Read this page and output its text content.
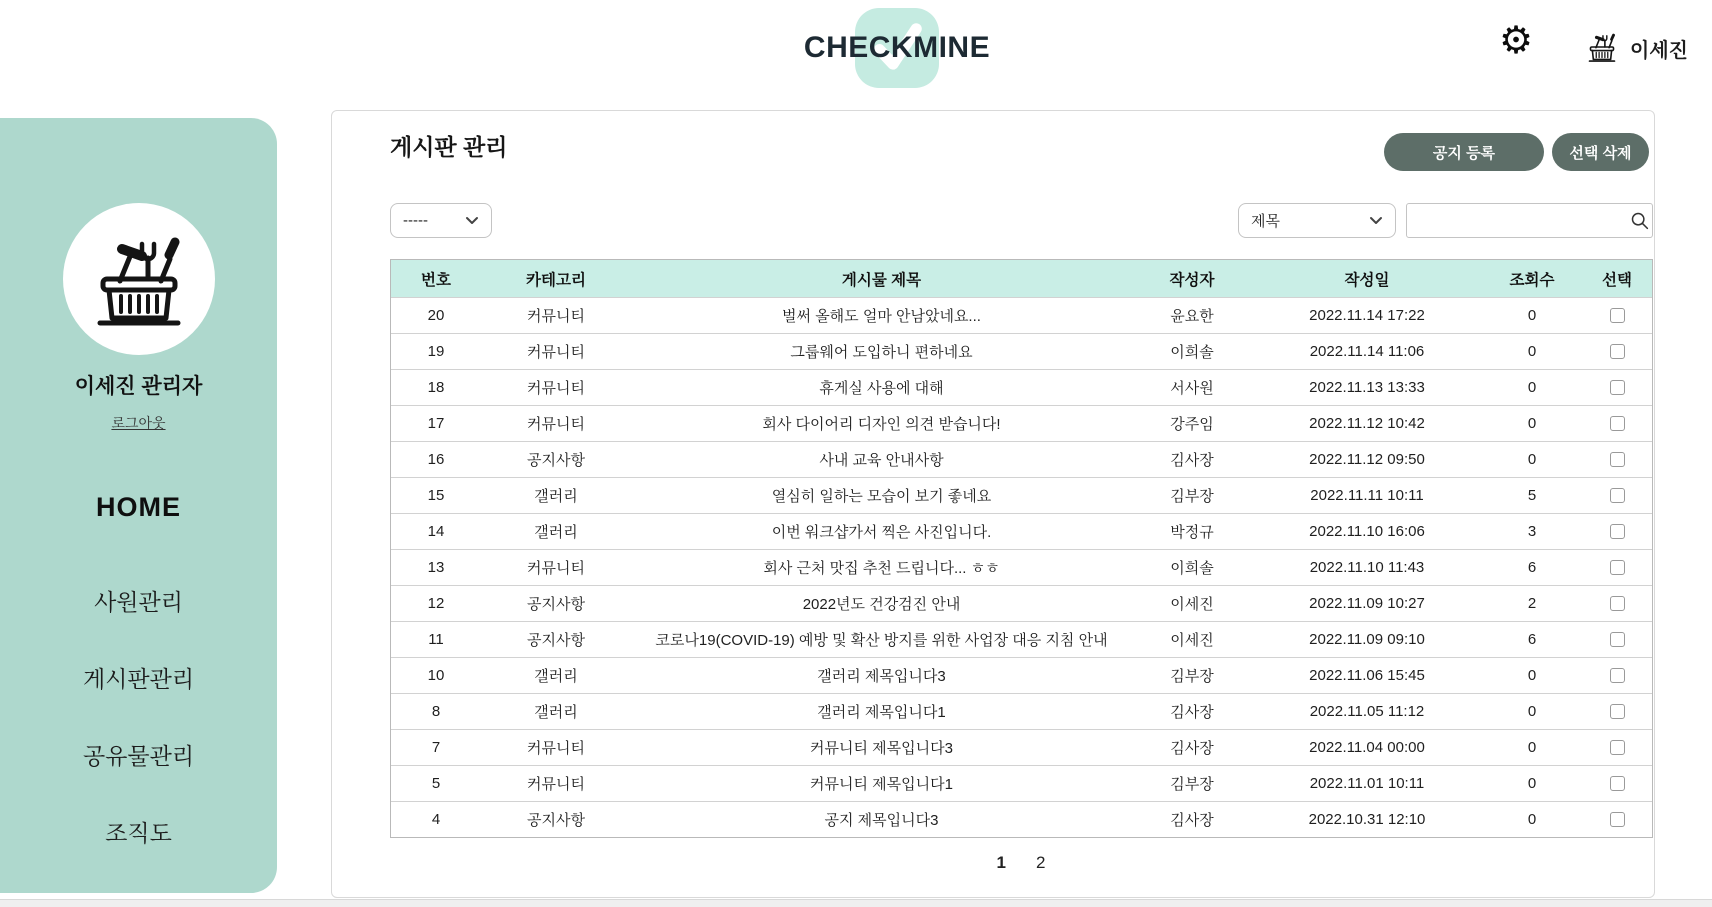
CHECKMINE	⚙	이세진
이세진 관리자
로그아웃
HOME
사원관리
게시판관리
공유물관리
조직도
게시판 관리	공지 등록	선택 삭제
-----	제목
번호	카테고리	게시물 제목	작성자	작성일	조회수	선택
20	커뮤니티	벌써 올해도 얼마 안남았네요...	윤요한	2022.11.14 17:22	0
19	커뮤니티	그룹웨어 도입하니 편하네요	이희솔	2022.11.14 11:06	0
18	커뮤니티	휴게실 사용에 대해	서사원	2022.11.13 13:33	0
17	커뮤니티	회사 다이어리 디자인 의견 받습니다!	강주임	2022.11.12 10:42	0
16	공지사항	사내 교육 안내사항	김사장	2022.11.12 09:50	0
15	갤러리	열심히 일하는 모습이 보기 좋네요	김부장	2022.11.11 10:11	5
14	갤러리	이번 워크샵가서 찍은 사진입니다.	박정규	2022.11.10 16:06	3
13	커뮤니티	회사 근처 맛집 추천 드립니다... ㅎㅎ	이희솔	2022.11.10 11:43	6
12	공지사항	2022년도 건강검진 안내	이세진	2022.11.09 10:27	2
11	공지사항	코로나19(COVID-19) 예방 및 확산 방지를 위한 사업장 대응 지침 안내	이세진	2022.11.09 09:10	6
10	갤러리	갤러리 제목입니다3	김부장	2022.11.06 15:45	0
8	갤러리	갤러리 제목입니다1	김사장	2022.11.05 11:12	0
7	커뮤니티	커뮤니티 제목입니다3	김사장	2022.11.04 00:00	0
5	커뮤니티	커뮤니티 제목입니다1	김부장	2022.11.01 10:11	0
4	공지사항	공지 제목입니다3	김사장	2022.10.31 12:10	0
1 2
